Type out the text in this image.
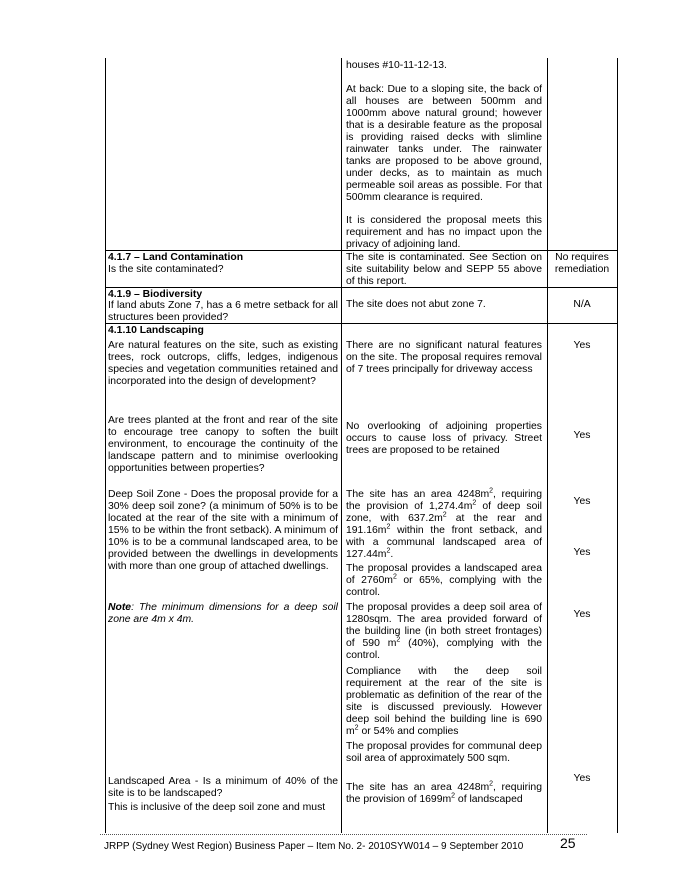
houses #10-11-12-13.
At back: Due to a sloping site, the back of all houses are between 500mm and 1000mm above natural ground; however that is a desirable feature as the proposal is providing raised decks with slimline rainwater tanks under. The rainwater tanks are proposed to be above ground, under decks, as to maintain as much permeable soil areas as possible. For that 500mm clearance is required.
It is considered the proposal meets this requirement and has no impact upon the privacy of adjoining land.
4.1.7 – Land Contamination
Is the site contaminated?
The site is contaminated. See Section on site suitability below and SEPP 55 above of this report.
No requires remediation
4.1.9 – Biodiversity
If land abuts Zone 7, has a 6 metre setback for all structures been provided?
The site does not abut zone 7.	N/A
4.1.10 Landscaping
Are natural features on the site, such as existing trees, rock outcrops, cliffs, ledges, indigenous species and vegetation communities retained and incorporated into the design of development?
There are no significant natural features on the site. The proposal requires removal of 7 trees principally for driveway access
Yes
Are trees planted at the front and rear of the site to encourage tree canopy to soften the built environment, to encourage the continuity of the landscape pattern and to minimise overlooking opportunities between properties?
No overlooking of adjoining properties occurs to cause loss of privacy. Street trees are proposed to be retained
Yes
Deep Soil Zone - Does the proposal provide for a 30% deep soil zone? (a minimum of 50% is to be located at the rear of the site with a minimum of 15% to be within the front setback). A minimum of 10% is to be a communal landscaped area, to be provided between the dwellings in developments with more than one group of attached dwellings.
The site has an area $4248m^2$, requiring the provision of $1,274.4m^2$ of deep soil zone, with $637.2m^2$ at the rear and $191.16m^2$ within the front setback, and with a communal landscaped area of $127.44m^2$.
Yes
The proposal provides a landscaped area of $2760m^2$ or 65%, complying with the control.
Yes
Note: The minimum dimensions for a deep soil zone are 4m x 4m.
The proposal provides a deep soil area of 1280sqm. The area provided forward of the building line (in both street frontages) of 590 $m^2$ (40%), complying with the control.
Yes
Compliance with the deep soil requirement at the rear of the site is problematic as definition of the rear of the site is discussed previously. However deep soil behind the building line is 690 $m^2$ or 54% and complies
The proposal provides for communal deep soil area of approximately 500 sqm.
Landscaped Area - Is a minimum of 40% of the site is to be landscaped?
This is inclusive of the deep soil zone and must
The site has an area $4248m^2$, requiring the provision of $1699m^2$ of landscaped
Yes
JRPP (Sydney West Region) Business Paper – Item No. 2- 2010SYW014 – 9 September 2010	25
